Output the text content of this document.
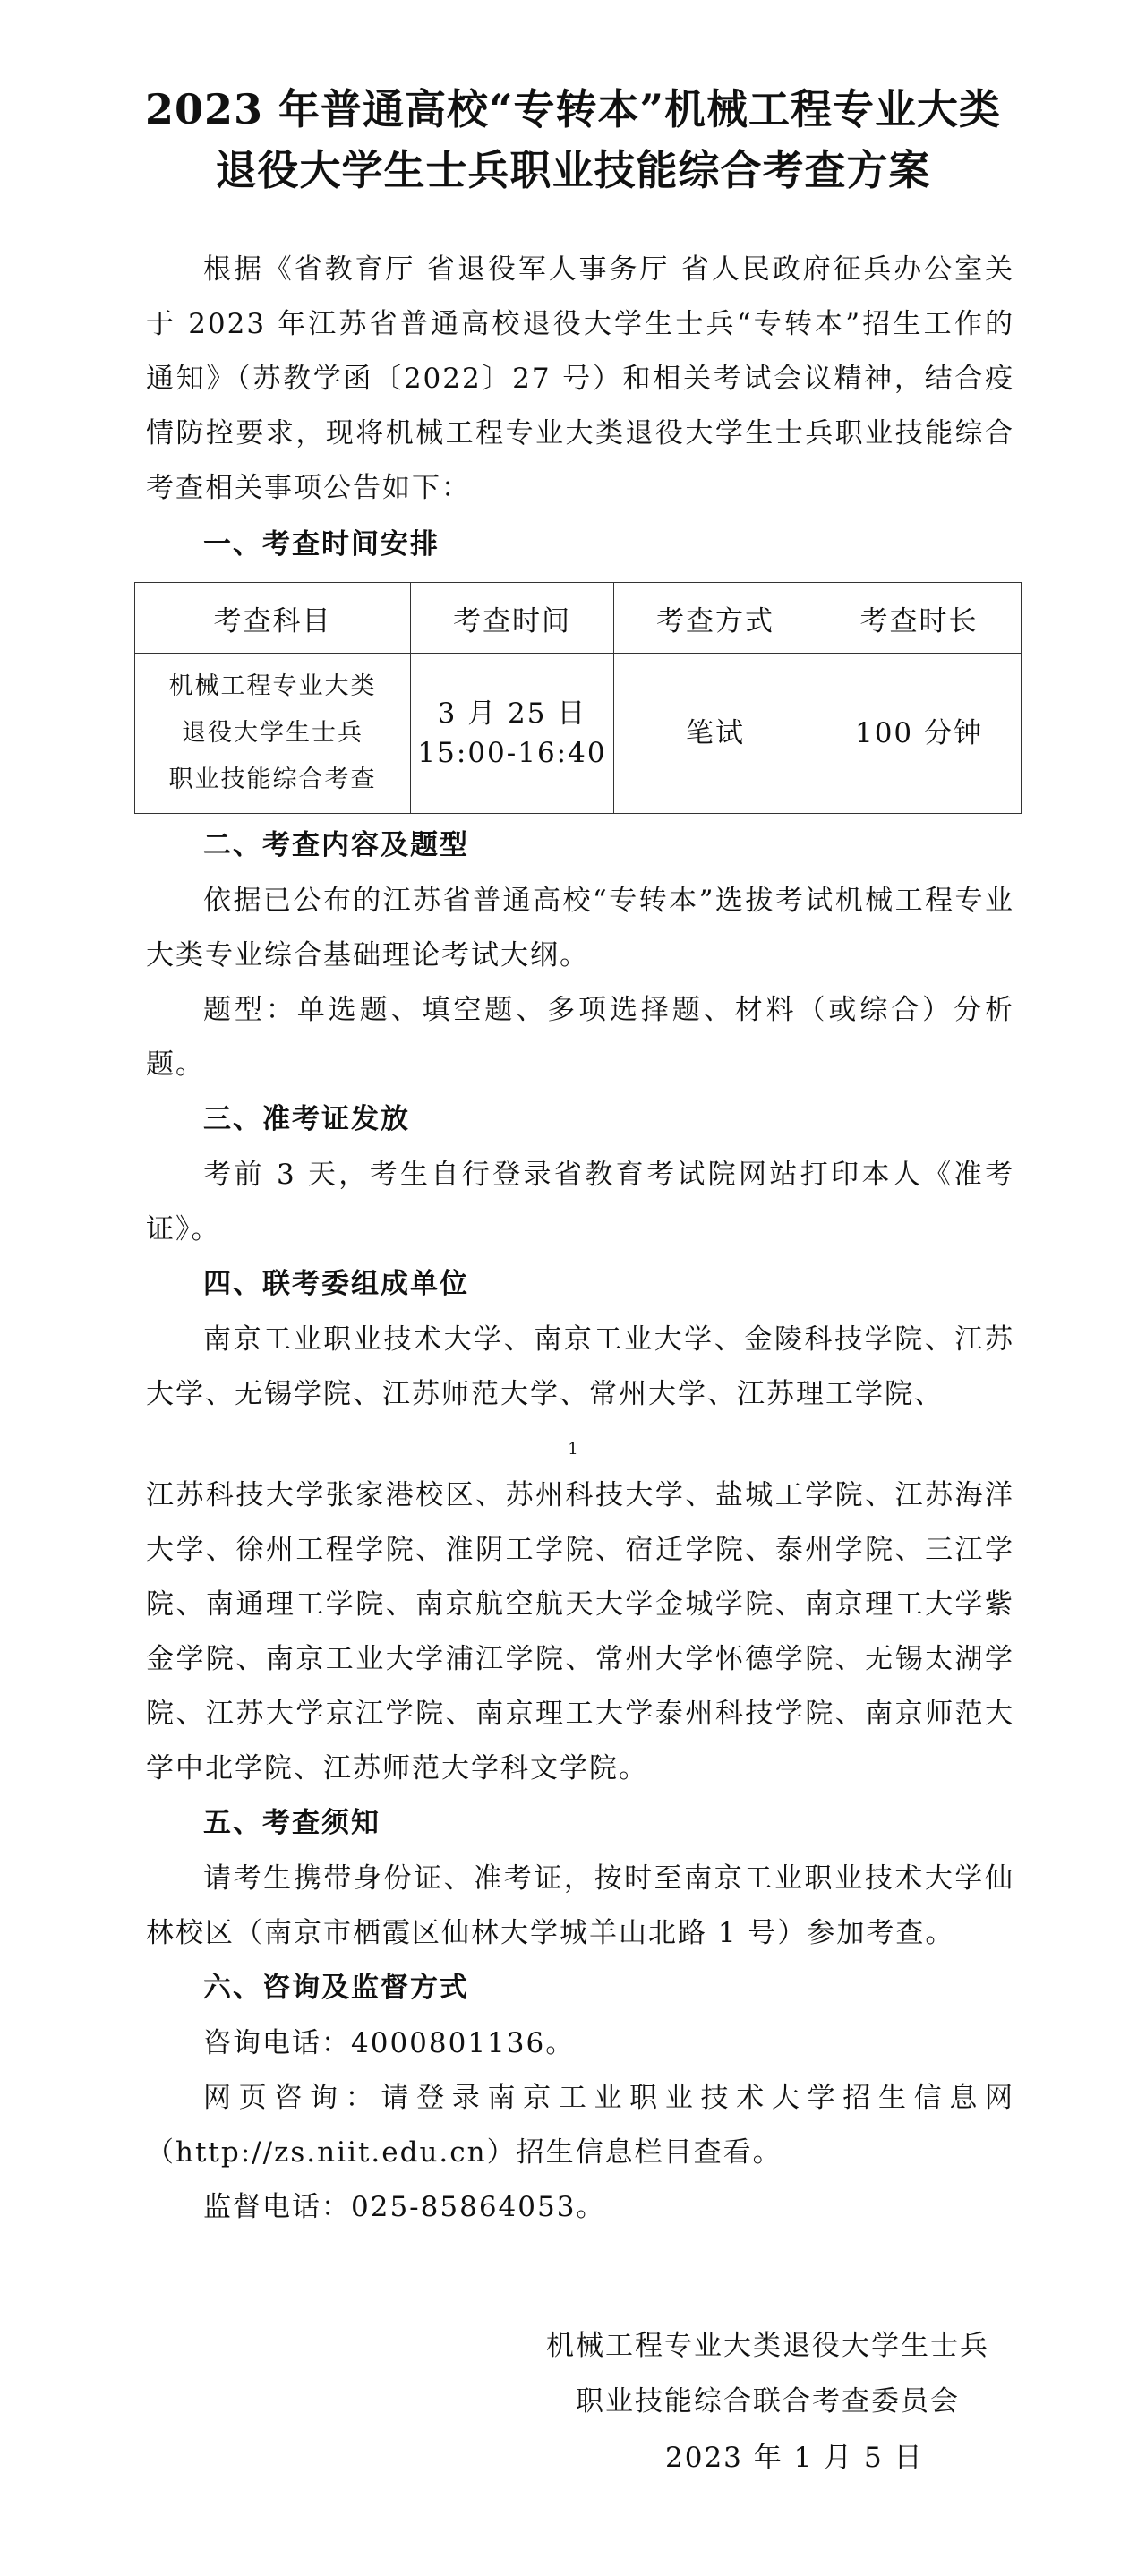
2023 年普通高校“专转本”机械工程专业大类
退役大学生士兵职业技能综合考查方案

根据《省教育厅 省退役军人事务厅 省人民政府征兵办公室关于 2023 年江苏省普通高校退役大学生士兵“专转本”招生工作的通知》（苏教学函〔2022〕27 号）和相关考试会议精神，结合疫情防控要求，现将机械工程专业大类退役大学生士兵职业技能综合考查相关事项公告如下：

一、考查时间安排

考查科目	考查时间	考查方式	考查时长

机械工程专业大类
退役大学生士兵
职业技能综合考查	3 月 25 日
15:00-16:40	笔试	100 分钟

二、考查内容及题型

依据已公布的江苏省普通高校“专转本”选拔考试机械工程专业大类专业综合基础理论考试大纲。

题型：单选题、填空题、多项选择题、材料（或综合）分析题。

三、准考证发放

考前 3 天，考生自行登录省教育考试院网站打印本人《准考证》。

四、联考委组成单位

南京工业职业技术大学、南京工业大学、金陵科技学院、江苏大学、无锡学院、江苏师范大学、常州大学、江苏理工学院、

1

江苏科技大学张家港校区、苏州科技大学、盐城工学院、江苏海洋大学、徐州工程学院、淮阴工学院、宿迁学院、泰州学院、三江学院、南通理工学院、南京航空航天大学金城学院、南京理工大学紫金学院、南京工业大学浦江学院、常州大学怀德学院、无锡太湖学院、江苏大学京江学院、南京理工大学泰州科技学院、南京师范大学中北学院、江苏师范大学科文学院。

五、考查须知

请考生携带身份证、准考证，按时至南京工业职业技术大学仙林校区（南京市栖霞区仙林大学城羊山北路 1 号）参加考查。

六、咨询及监督方式

咨询电话：4000801136。

网页咨询：请登录南京工业职业技术大学招生信息网（http://zs.niit.edu.cn）招生信息栏目查看。

监督电话：025-85864053。

机械工程专业大类退役大学生士兵
职业技能综合联合考查委员会
2023 年 1 月 5 日
